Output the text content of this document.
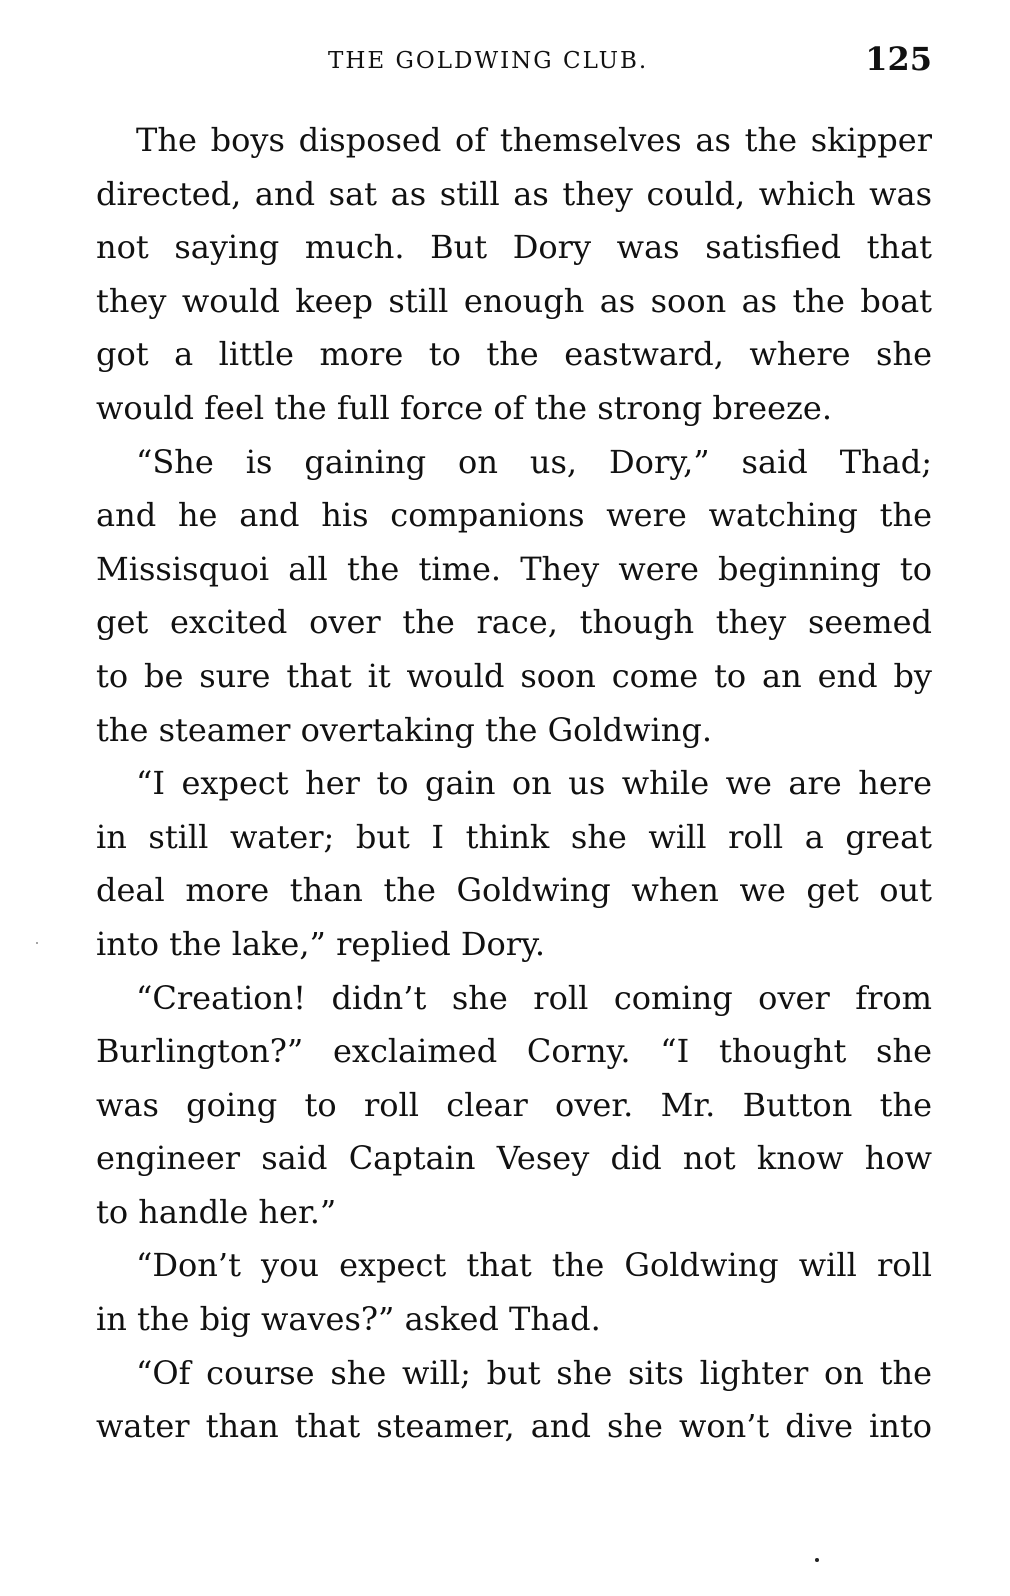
THE GOLDWING CLUB.	125

The boys disposed of themselves as the skipper
directed, and sat as still as they could, which was
not saying much. But Dory was satisfied that
they would keep still enough as soon as the boat
got a little more to the eastward, where she
would feel the full force of the strong breeze.

“She is gaining on us, Dory,” said Thad;
and he and his companions were watching the
Missisquoi all the time. They were beginning to
get excited over the race, though they seemed
to be sure that it would soon come to an end by
the steamer overtaking the Goldwing.

“I expect her to gain on us while we are here
in still water; but I think she will roll a great
deal more than the Goldwing when we get out
into the lake,” replied Dory.

“Creation! didn’t she roll coming over from
Burlington?” exclaimed Corny. “I thought she
was going to roll clear over. Mr. Button the
engineer said Captain Vesey did not know how
to handle her.”

“Don’t you expect that the Goldwing will roll
in the big waves?” asked Thad.

“Of course she will; but she sits lighter on the
water than that steamer, and she won’t dive into
